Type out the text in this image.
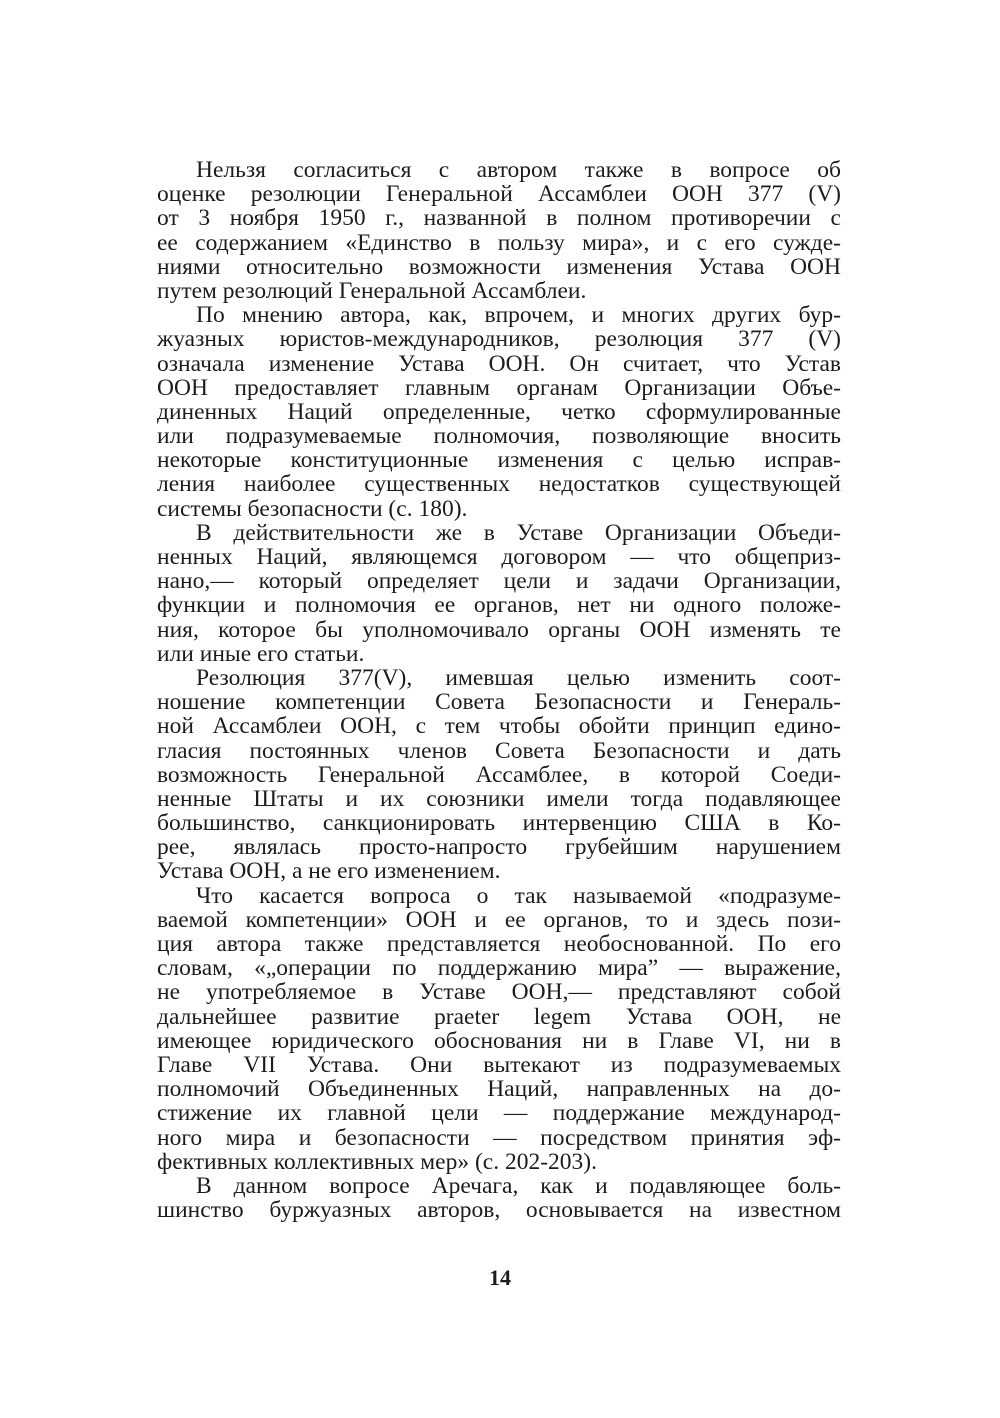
Нельзя согласиться с автором также в вопросе об
оценке резолюции Генеральной Ассамблеи ООН 377 (V)
от 3 ноября 1950 г., названной в полном противоречии с
ее содержанием «Единство в пользу мира», и с его сужде-
ниями относительно возможности изменения Устава ООН
путем резолюций Генеральной Ассамблеи.
По мнению автора, как, впрочем, и многих других бур-
жуазных юристов-международников, резолюция 377 (V)
означала изменение Устава ООН. Он считает, что Устав
ООН предоставляет главным органам Организации Объе-
диненных Наций определенные, четко сформулированные
или подразумеваемые полномочия, позволяющие вносить
некоторые конституционные изменения с целью исправ-
ления наиболее существенных недостатков существующей
системы безопасности (с. 180).
В действительности же в Уставе Организации Объеди-
ненных Наций, являющемся договором — что общеприз-
нано,— который определяет цели и задачи Организации,
функции и полномочия ее органов, нет ни одного положе-
ния, которое бы уполномочивало органы ООН изменять те
или иные его статьи.
Резолюция 377(V), имевшая целью изменить соот-
ношение компетенции Совета Безопасности и Генераль-
ной Ассамблеи ООН, с тем чтобы обойти принцип едино-
гласия постоянных членов Совета Безопасности и дать
возможность Генеральной Ассамблее, в которой Соеди-
ненные Штаты и их союзники имели тогда подавляющее
большинство, санкционировать интервенцию США в Ко-
рее, являлась просто-напросто грубейшим нарушением
Устава ООН, а не его изменением.
Что касается вопроса о так называемой «подразуме-
ваемой компетенции» ООН и ее органов, то и здесь пози-
ция автора также представляется необоснованной. По его
словам, «„операции по поддержанию мира” — выражение,
не употребляемое в Уставе ООН,— представляют собой
дальнейшее развитие praeter legem Устава ООН, не
имеющее юридического обоснования ни в Главе VI, ни в
Главе VII Устава. Они вытекают из подразумеваемых
полномочий Объединенных Наций, направленных на до-
стижение их главной цели — поддержание международ-
ного мира и безопасности — посредством принятия эф-
фективных коллективных мер» (с. 202-203).
В данном вопросе Аречага, как и подавляющее боль-
шинство буржуазных авторов, основывается на известном
14
